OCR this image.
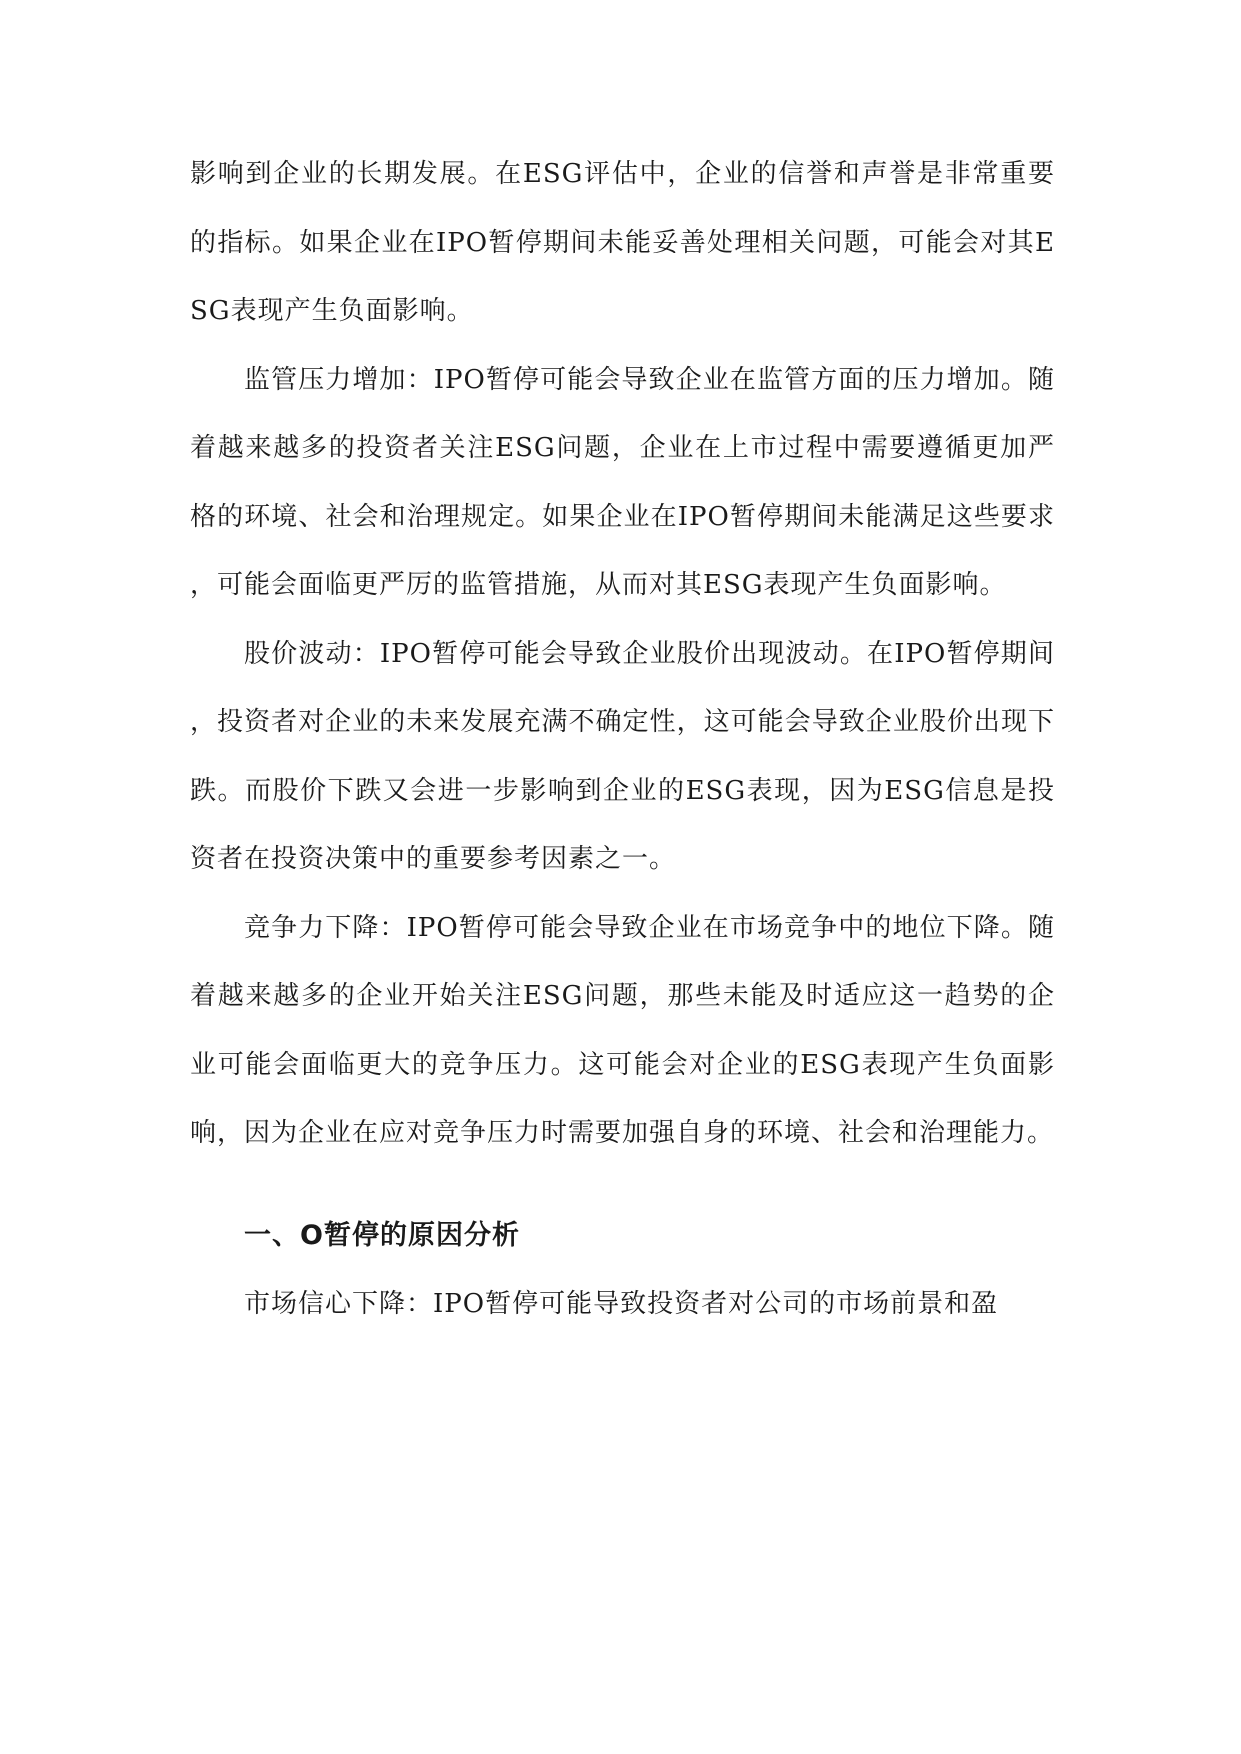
影响到企业的长期发展。在ESG评估中，企业的信誉和声誉是非常重要的指标。如果企业在IPO暂停期间未能妥善处理相关问题，可能会对其ESG表现产生负面影响。

监管压力增加：IPO暂停可能会导致企业在监管方面的压力增加。随着越来越多的投资者关注ESG问题，企业在上市过程中需要遵循更加严格的环境、社会和治理规定。如果企业在IPO暂停期间未能满足这些要求，可能会面临更严厉的监管措施，从而对其ESG表现产生负面影响。

股价波动：IPO暂停可能会导致企业股价出现波动。在IPO暂停期间，投资者对企业的未来发展充满不确定性，这可能会导致企业股价出现下跌。而股价下跌又会进一步影响到企业的ESG表现，因为ESG信息是投资者在投资决策中的重要参考因素之一。

竞争力下降：IPO暂停可能会导致企业在市场竞争中的地位下降。随着越来越多的企业开始关注ESG问题，那些未能及时适应这一趋势的企业可能会面临更大的竞争压力。这可能会对企业的ESG表现产生负面影响，因为企业在应对竞争压力时需要加强自身的环境、社会和治理能力。

一、O暂停的原因分析

市场信心下降：IPO暂停可能导致投资者对公司的市场前景和盈
